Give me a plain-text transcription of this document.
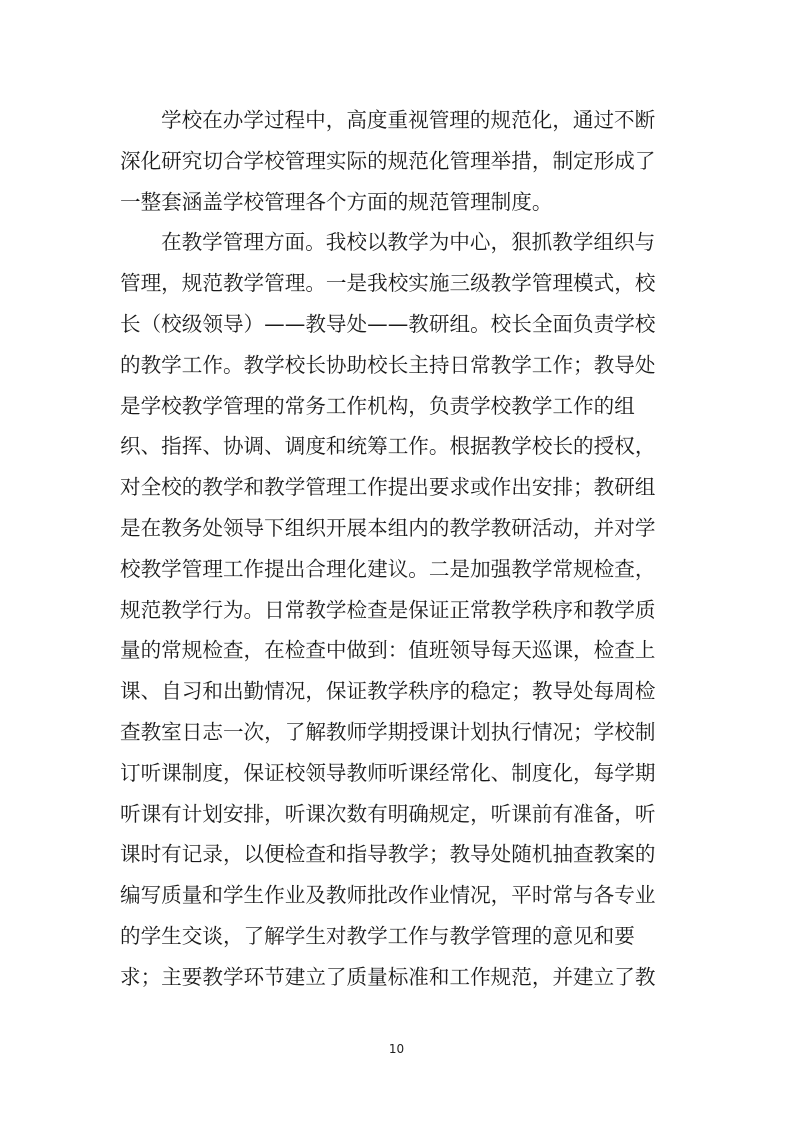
学校在办学过程中，高度重视管理的规范化，通过不断
深化研究切合学校管理实际的规范化管理举措，制定形成了
一整套涵盖学校管理各个方面的规范管理制度。
在教学管理方面。我校以教学为中心，狠抓教学组织与
管理，规范教学管理。一是我校实施三级教学管理模式，校
长（校级领导）——教导处——教研组。校长全面负责学校
的教学工作。教学校长协助校长主持日常教学工作；教导处
是学校教学管理的常务工作机构，负责学校教学工作的组
织、指挥、协调、调度和统筹工作。根据教学校长的授权，
对全校的教学和教学管理工作提出要求或作出安排；教研组
是在教务处领导下组织开展本组内的教学教研活动，并对学
校教学管理工作提出合理化建议。二是加强教学常规检查，
规范教学行为。日常教学检查是保证正常教学秩序和教学质
量的常规检查，在检查中做到：值班领导每天巡课，检查上
课、自习和出勤情况，保证教学秩序的稳定；教导处每周检
查教室日志一次，了解教师学期授课计划执行情况；学校制
订听课制度，保证校领导教师听课经常化、制度化，每学期
听课有计划安排，听课次数有明确规定，听课前有准备，听
课时有记录，以便检查和指导教学；教导处随机抽查教案的
编写质量和学生作业及教师批改作业情况，平时常与各专业
的学生交谈，了解学生对教学工作与教学管理的意见和要
求；主要教学环节建立了质量标准和工作规范，并建立了教
10
